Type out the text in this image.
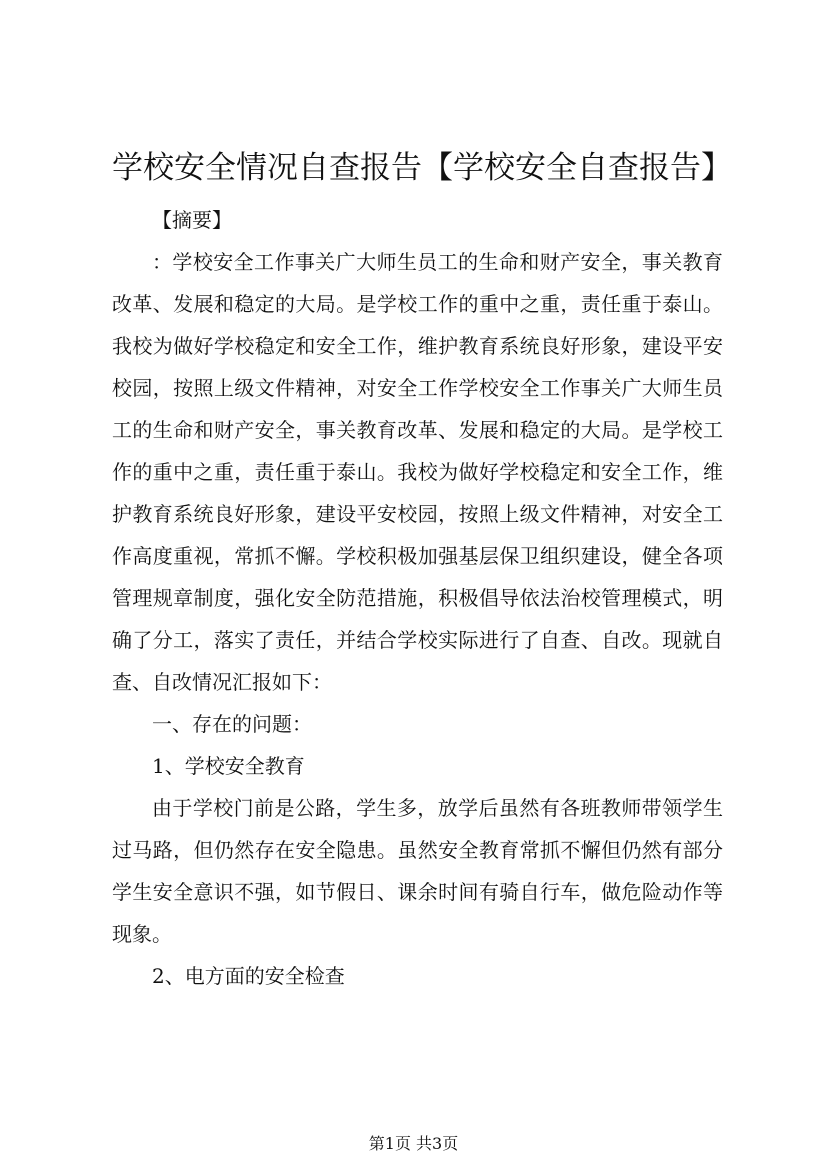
学校安全情况自查报告【学校安全自查报告】

【摘要】

：学校安全工作事关广大师生员工的生命和财产安全，事关教育改革、发展和稳定的大局。是学校工作的重中之重，责任重于泰山。我校为做好学校稳定和安全工作，维护教育系统良好形象，建设平安校园，按照上级文件精神，对安全工作学校安全工作事关广大师生员工的生命和财产安全，事关教育改革、发展和稳定的大局。是学校工作的重中之重，责任重于泰山。我校为做好学校稳定和安全工作，维护教育系统良好形象，建设平安校园，按照上级文件精神，对安全工作高度重视，常抓不懈。学校积极加强基层保卫组织建设，健全各项管理规章制度，强化安全防范措施，积极倡导依法治校管理模式，明确了分工，落实了责任，并结合学校实际进行了自查、自改。现就自查、自改情况汇报如下：

一、存在的问题：

1、学校安全教育

由于学校门前是公路，学生多，放学后虽然有各班教师带领学生过马路，但仍然存在安全隐患。虽然安全教育常抓不懈但仍然有部分学生安全意识不强，如节假日、课余时间有骑自行车，做危险动作等现象。

2、电方面的安全检查

第1页 共3页
